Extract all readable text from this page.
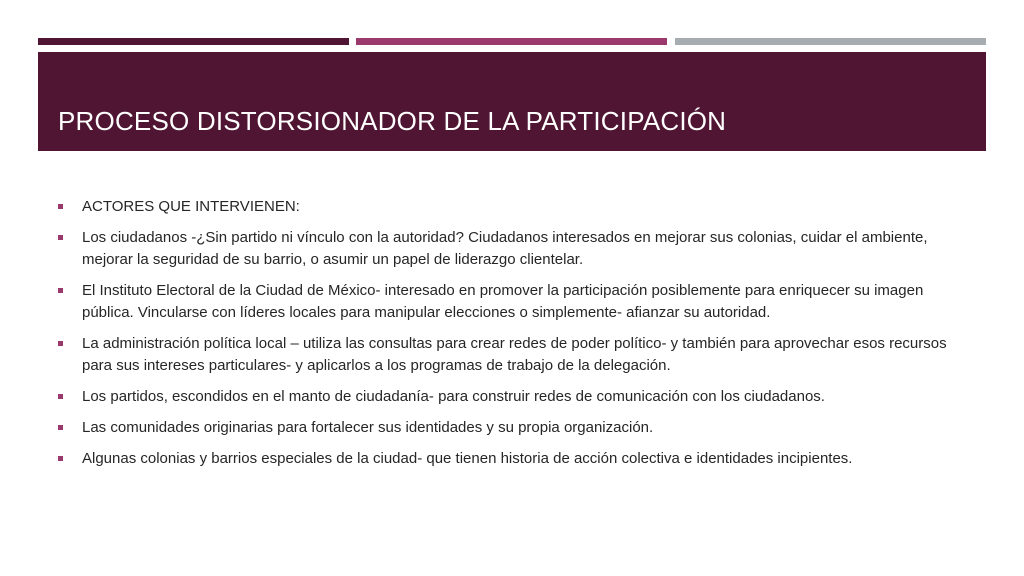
PROCESO DISTORSIONADOR DE LA PARTICIPACIÓN
ACTORES QUE INTERVIENEN:
Los ciudadanos -¿Sin partido ni vínculo con la autoridad? Ciudadanos interesados en mejorar sus colonias, cuidar el ambiente, mejorar la seguridad de su barrio, o asumir un papel de liderazgo clientelar.
El Instituto Electoral de la Ciudad de México- interesado en promover la participación posiblemente para enriquecer su imagen pública. Vincularse con líderes locales para manipular elecciones o simplemente- afianzar su autoridad.
La administración política local – utiliza las consultas para crear redes de poder político- y también para aprovechar esos recursos para sus intereses particulares- y aplicarlos a los programas de trabajo de la delegación.
Los partidos, escondidos en el manto de ciudadanía- para construir redes de comunicación con los ciudadanos.
Las comunidades originarias para fortalecer sus identidades y su propia organización.
Algunas colonias y barrios especiales de la ciudad- que tienen historia de acción colectiva e identidades incipientes.
